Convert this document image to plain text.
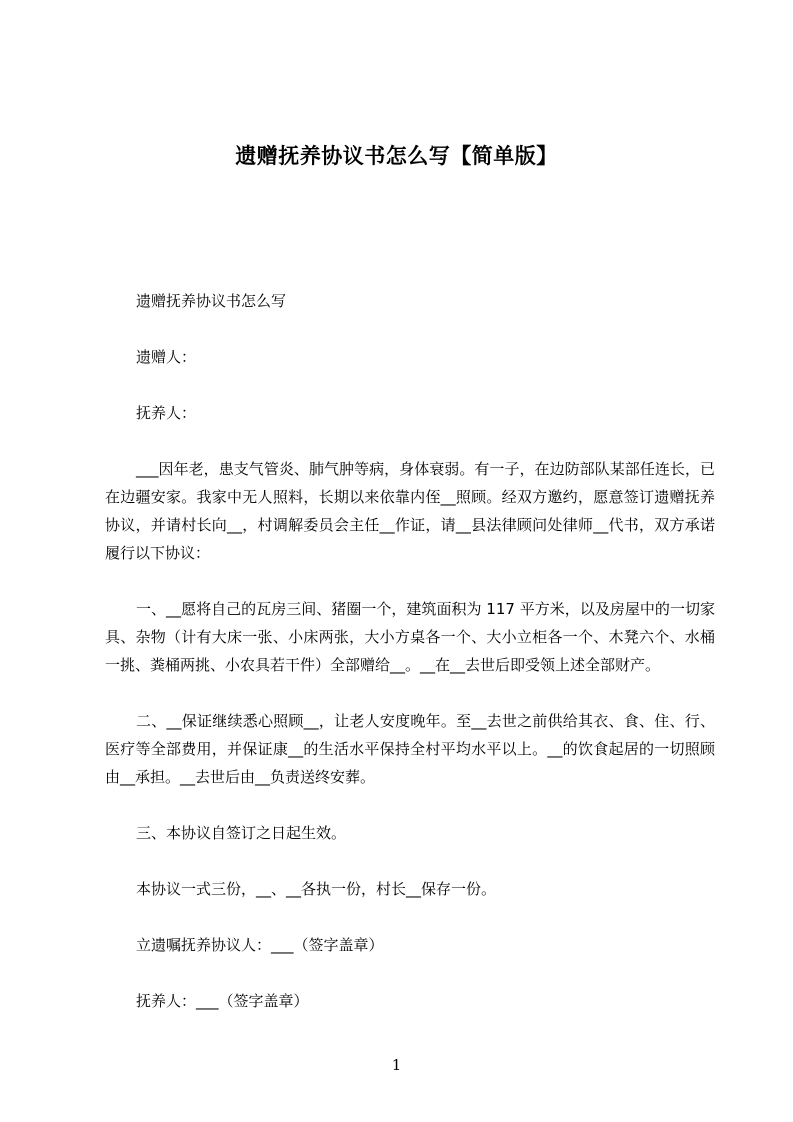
遗赠抚养协议书怎么写【简单版】

遗赠抚养协议书怎么写

遗赠人：

抚养人：

___因年老，患支气管炎、肺气肿等病，身体衰弱。有一子，在边防部队某部任连长，已在边疆安家。我家中无人照料，长期以来依靠内侄__照顾。经双方邀约，愿意签订遗赠抚养协议，并请村长向__，村调解委员会主任__作证，请__县法律顾问处律师__代书，双方承诺履行以下协议：

一、__愿将自己的瓦房三间、猪圈一个，建筑面积为 117 平方米，以及房屋中的一切家具、杂物（计有大床一张、小床两张，大小方桌各一个、大小立柜各一个、木凳六个、水桶一挑、粪桶两挑、小农具若干件）全部赠给__。__在__去世后即受领上述全部财产。

二、__保证继续悉心照顾__，让老人安度晚年。至__去世之前供给其衣、食、住、行、医疗等全部费用，并保证康__的生活水平保持全村平均水平以上。__的饮食起居的一切照顾由__承担。__去世后由__负责送终安葬。

三、本协议自签订之日起生效。

本协议一式三份，__、__各执一份，村长__保存一份。

立遗嘱抚养协议人：___（签字盖章）

抚养人：___（签字盖章）

1
